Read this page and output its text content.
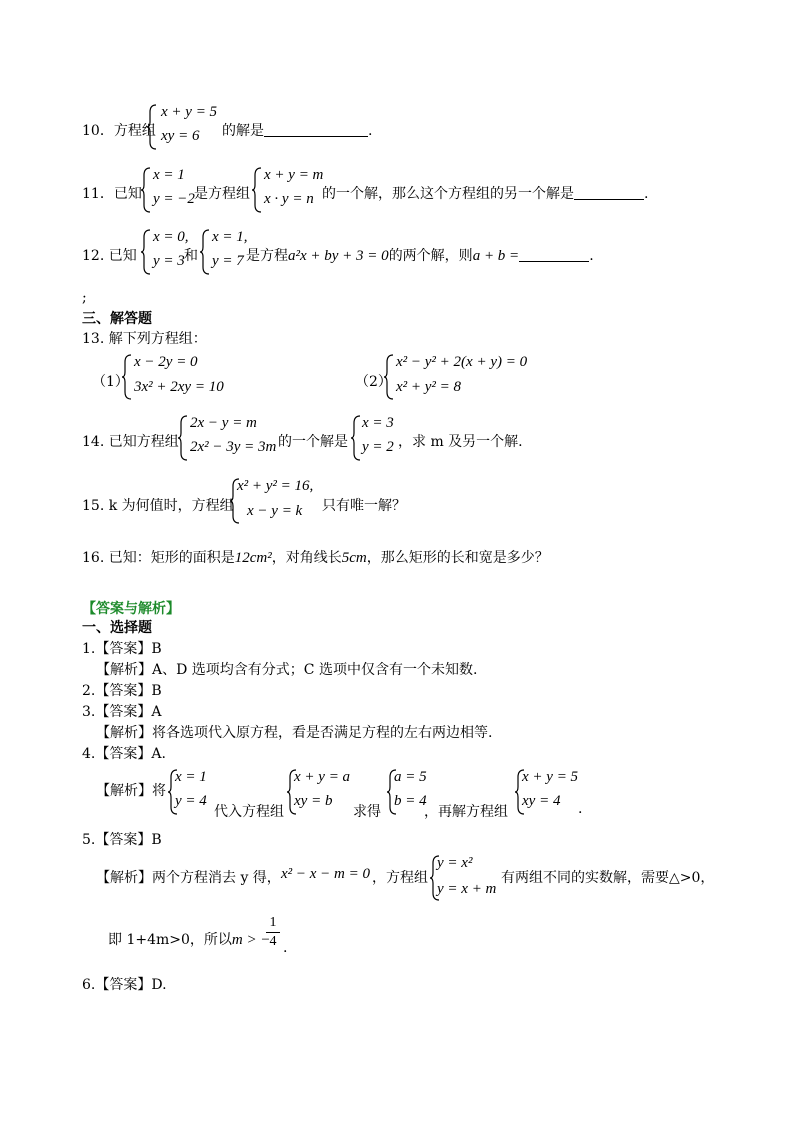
10．方程组
x + y = 5
xy = 6 的解是	.
11．已知
x = 1
y = −2 是方程组
x + y = m
x · y = n 的一个解，那么这个方程组的另一个解是	.
12. 已知
x = 0,
y = 3 和
x = 1,
y = 7 是方程a²x + by + 3 = 0的两个解，则a + b =	.
;
三、解答题
13. 解下列方程组：
（1）
x − 2y = 0
3x² + 2xy = 10	（2）
x² − y² + 2(x + y) = 0
x² + y² = 8
14. 已知方程组
2x − y = m
2x² − 3y = 3m 的一个解是
x = 3
y = 2 ，求 m 及另一个解.
15. k 为何值时，方程组
x² + y² = 16,
x − y = k 只有唯一解？
16. 已知：矩形的面积是12cm²，对角线长5cm，那么矩形的长和宽是多少？
【答案与解析】
一、选择题
1.【答案】B
【解析】A、D 选项均含有分式；C 选项中仅含有一个未知数.
2.【答案】B
3.【答案】A
【解析】将各选项代入原方程，看是否满足方程的左右两边相等.
4.【答案】A.
【解析】将
x = 1
y = 4
代入方程组
x + y = a
xy = b
求得
a = 5
b = 4
，再解方程组
x + y = 5
xy = 4 .
5.【答案】B
【解析】两个方程消去 y 得， x² − x − m = 0 ，方程组
y = x²
y = x + m
有两组不同的实数解，需要△>0，
即 1+4m>0，所以m > −
1
4 .
6.【答案】D.
